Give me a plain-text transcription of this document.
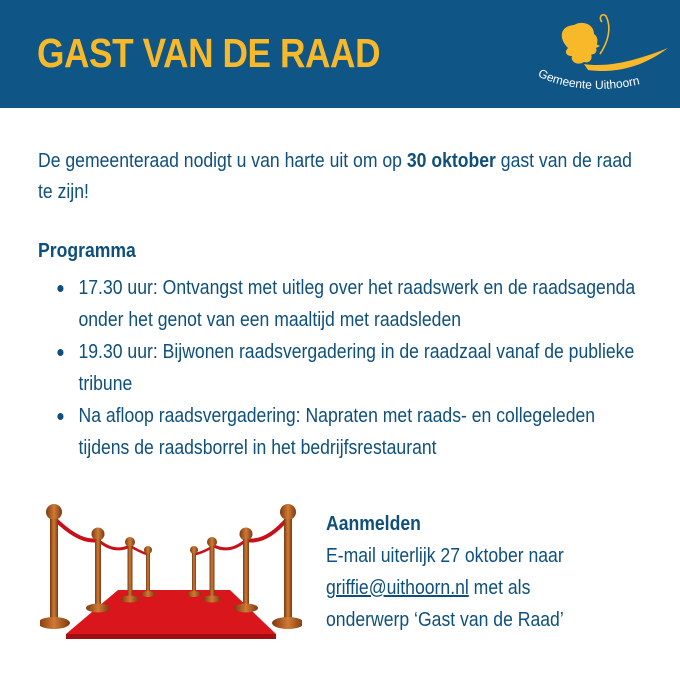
GAST VAN DE RAAD	Gemeente Uithoorn
De gemeenteraad nodigt u van harte uit om op 30 oktober gast van de raad te zijn!
Programma
17.30 uur: Ontvangst met uitleg over het raadswerk en de raadsagenda onder het genot van een maaltijd met raadsleden
19.30 uur: Bijwonen raadsvergadering in de raadzaal vanaf de publieke tribune
Na afloop raadsvergadering: Napraten met raads- en collegeleden tijdens de raadsborrel in het bedrijfsrestaurant
Aanmelden
E-mail uiterlijk 27 oktober naar
griffie@uithoorn.nl met als
onderwerp ‘Gast van de Raad’
